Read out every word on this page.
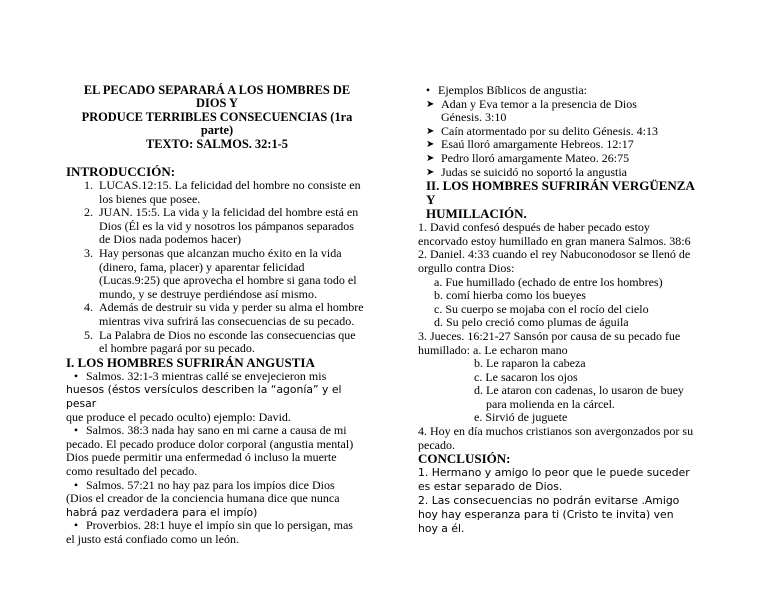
EL PECADO SEPARARÁ A LOS HOMBRES DE DIOS Y
PRODUCE TERRIBLES CONSECUENCIAS (1ra parte)
TEXTO: SALMOS. 32:1-5
INTRODUCCIÓN:
1. LUCAS.12:15. La felicidad del hombre no consiste en los bienes que posee.
2. JUAN. 15:5. La vida y la felicidad del hombre está en Dios (Él es la vid y nosotros los pámpanos separados de Dios nada podemos hacer)
3. Hay personas que alcanzan mucho éxito en la vida (dinero, fama, placer) y aparentar felicidad (Lucas.9:25) que aprovecha el hombre si gana todo el mundo, y se destruye perdiéndose así mismo.
4. Además de destruir su vida y perder su alma el hombre mientras viva sufrirá las consecuencias de su pecado.
5. La Palabra de Dios no esconde las consecuencias que el hombre pagará por su pecado.
I. LOS HOMBRES SUFRIRÁN ANGUSTIA
• Salmos. 32:1-3 mientras callé se envejecieron mis
huesos (éstos versículos describen la “agonía” y el pesar
que produce el pecado oculto) ejemplo: David.
• Salmos. 38:3 nada hay sano en mi carne a causa de mi
pecado. El pecado produce dolor corporal (angustia mental) Dios puede permitir una enfermedad ó incluso la muerte como resultado del pecado.
• Salmos. 57:21 no hay paz para los impíos dice Dios
(Dios el creador de la conciencia humana dice que nunca
habrá paz verdadera para el impío)
• Proverbios. 28:1 huye el impío sin que lo persigan, mas
el justo está confiado como un león.
• Ejemplos Bíblicos de angustia:
➤ Adan y Eva temor a la presencia de Dios
Génesis. 3:10
➤ Caín atormentado por su delito Génesis. 4:13
➤ Esaú lloró amargamente Hebreos. 12:17
➤ Pedro lloró amargamente Mateo. 26:75
➤ Judas se suicidó no soportó la angustia
II. LOS HOMBRES SUFRIRÁN VERGÜENZA Y
HUMILLACIÓN.
1. David confesó después de haber pecado estoy encorvado estoy humillado en gran manera Salmos. 38:6
2. Daniel. 4:33 cuando el rey Nabuconodosor se llenó de orgullo contra Dios:
a. Fue humillado (echado de entre los hombres)
b. comí hierba como los bueyes
c. Su cuerpo se mojaba con el rocío del cielo
d. Su pelo creció como plumas de águila
3. Jueces. 16:21-27 Sansón por causa de su pecado fue
humillado: a. Le echaron mano
b. Le raparon la cabeza
c. Le sacaron los ojos
d. Le ataron con cadenas, lo usaron de buey
para molienda en la cárcel.
e. Sirvió de juguete
4. Hoy en día muchos cristianos son avergonzados por su pecado.
CONCLUSIÓN:
1. Hermano y amigo lo peor que le puede suceder es estar separado de Dios.
2. Las consecuencias no podrán evitarse .Amigo hoy hay esperanza para ti (Cristo te invita) ven hoy a él.
